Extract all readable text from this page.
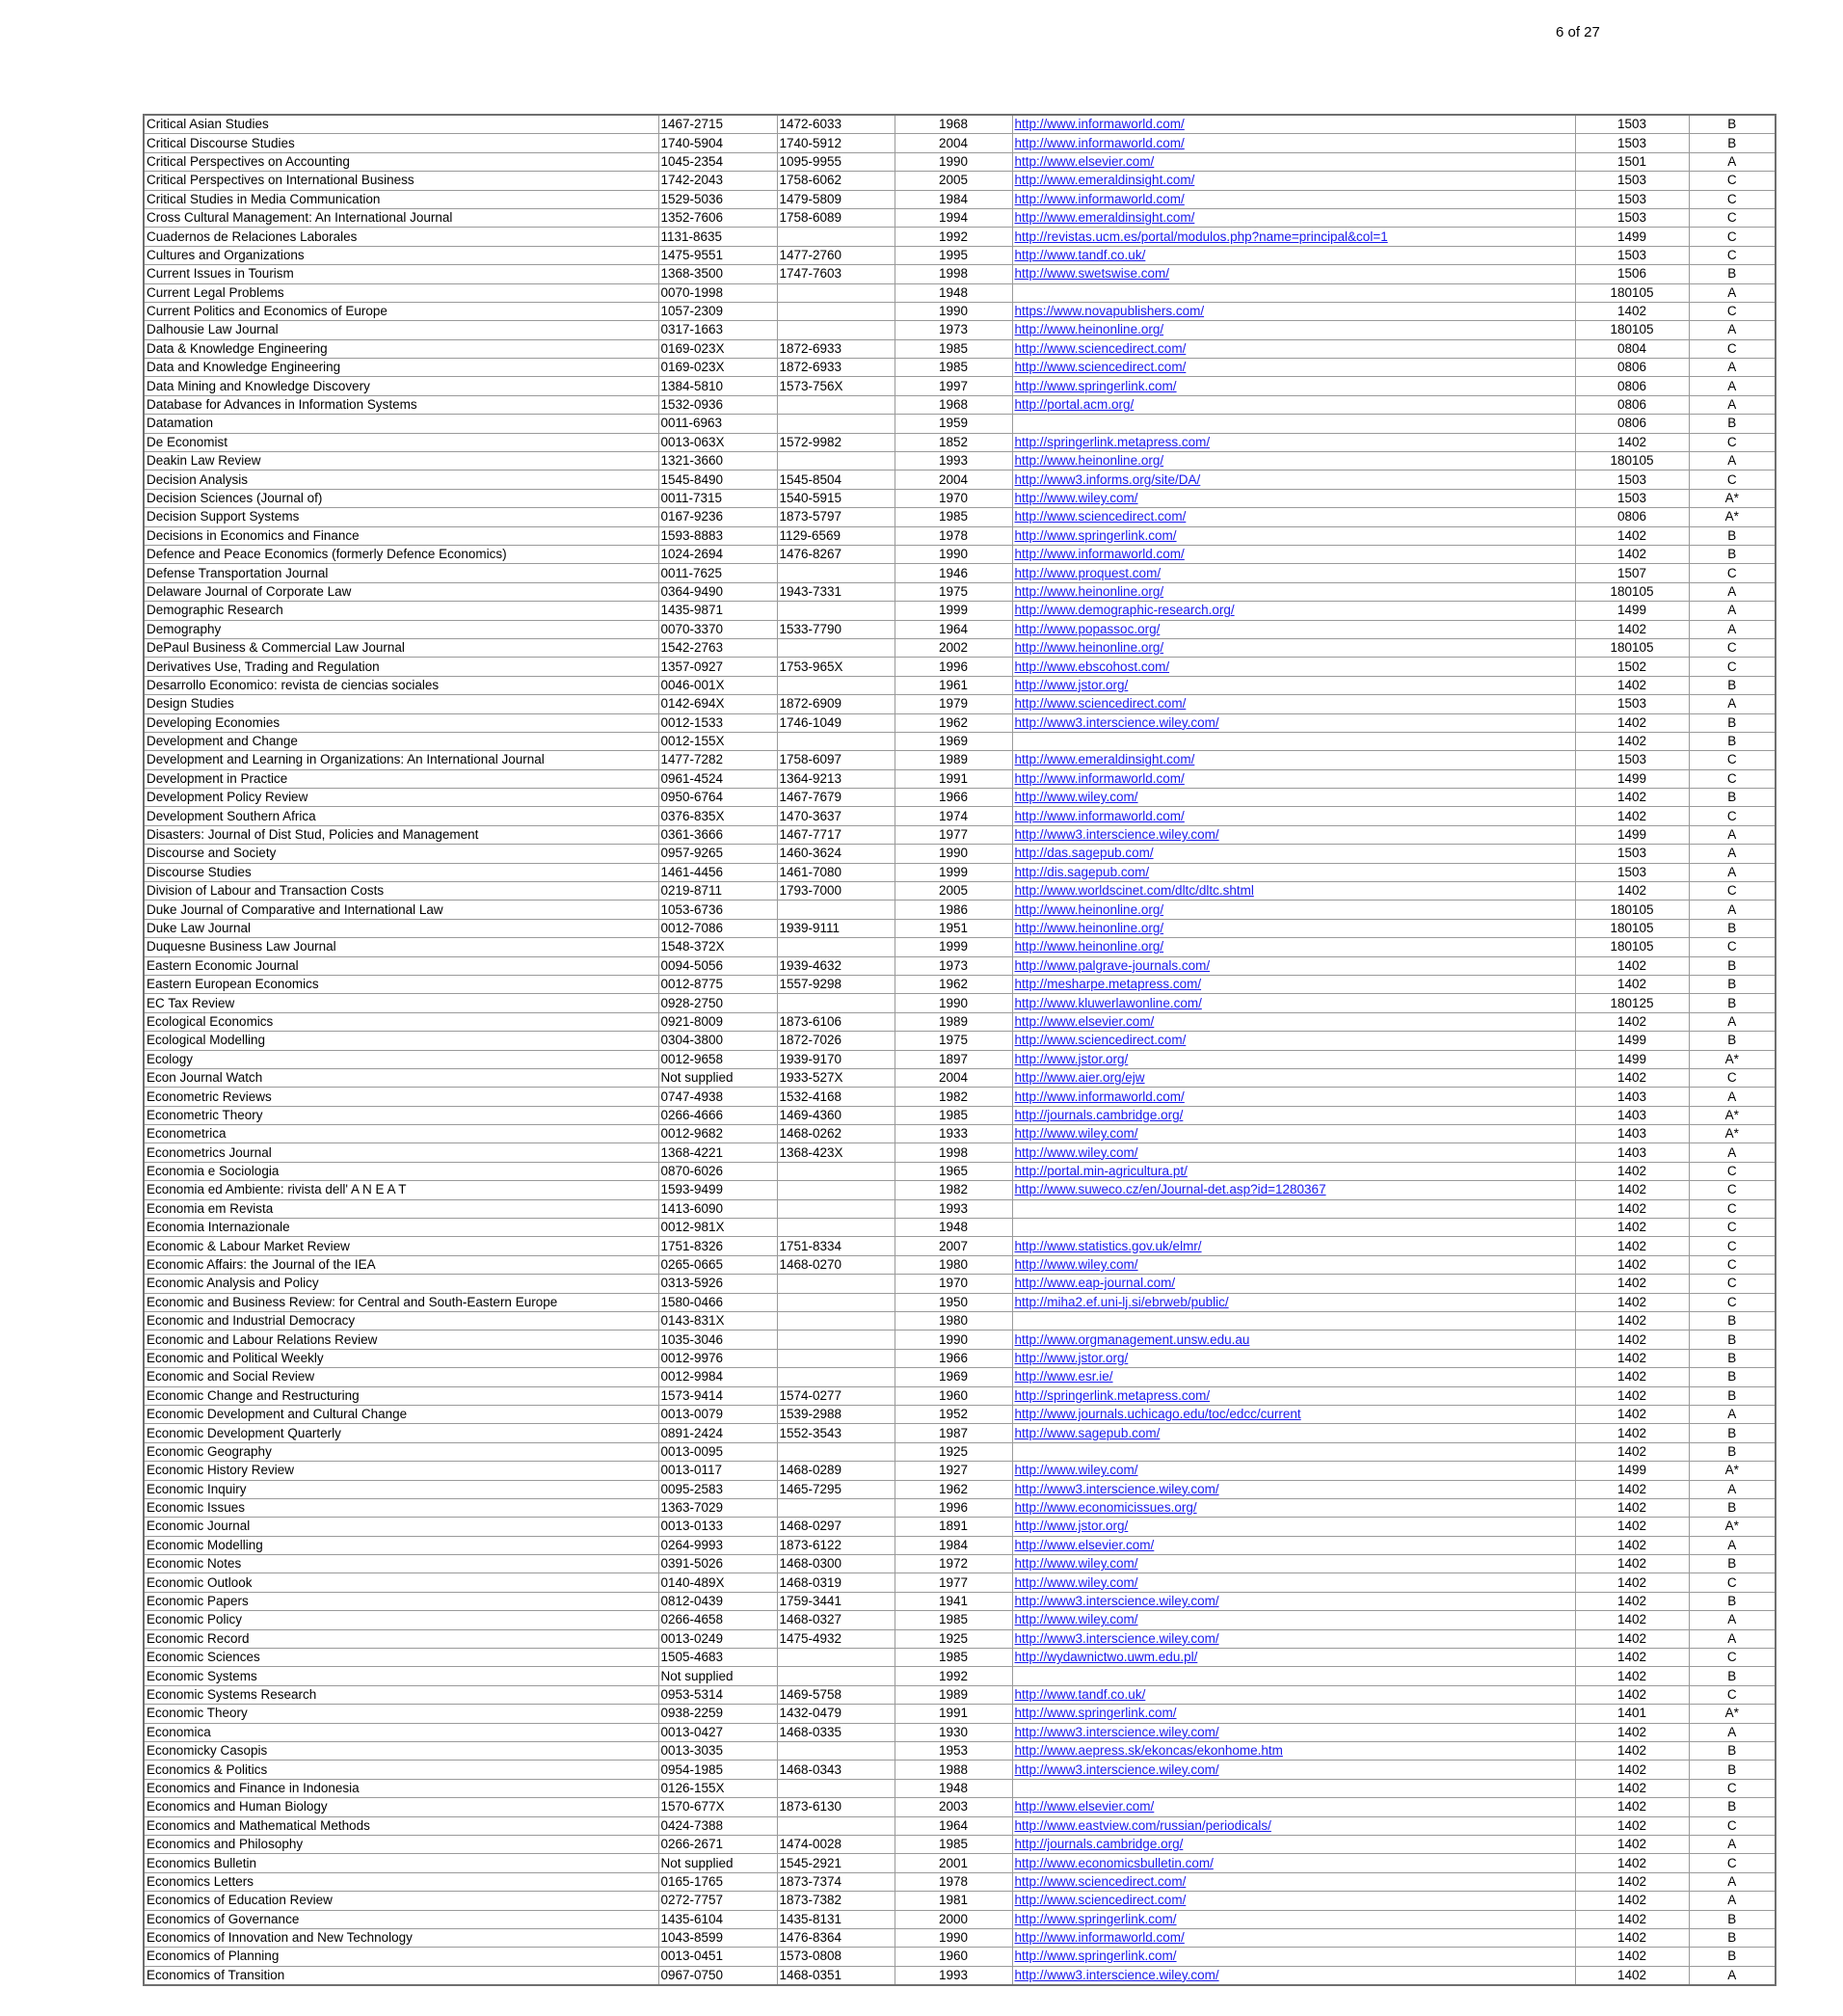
6 of 27
Critical Asian Studies	1467-2715	1472-6033	1968	http://www.informaworld.com/	1503	B
Critical Discourse Studies	1740-5904	1740-5912	2004	http://www.informaworld.com/	1503	B
Critical Perspectives on Accounting	1045-2354	1095-9955	1990	http://www.elsevier.com/	1501	A
Critical Perspectives on International Business	1742-2043	1758-6062	2005	http://www.emeraldinsight.com/	1503	C
Critical Studies in Media Communication	1529-5036	1479-5809	1984	http://www.informaworld.com/	1503	C
Cross Cultural Management: An International Journal	1352-7606	1758-6089	1994	http://www.emeraldinsight.com/	1503	C
Cuadernos de Relaciones Laborales	1131-8635		1992	http://revistas.ucm.es/portal/modulos.php?name=principal&col=1	1499	C
Cultures and Organizations	1475-9551	1477-2760	1995	http://www.tandf.co.uk/	1503	C
Current Issues in Tourism	1368-3500	1747-7603	1998	http://www.swetswise.com/	1506	B
Current Legal Problems	0070-1998		1948		180105	A
Current Politics and Economics of Europe	1057-2309		1990	https://www.novapublishers.com/	1402	C
Dalhousie Law Journal	0317-1663		1973	http://www.heinonline.org/	180105	A
Data & Knowledge Engineering	0169-023X	1872-6933	1985	http://www.sciencedirect.com/	0804	C
Data and Knowledge Engineering	0169-023X	1872-6933	1985	http://www.sciencedirect.com/	0806	A
Data Mining and Knowledge Discovery	1384-5810	1573-756X	1997	http://www.springerlink.com/	0806	A
Database for Advances in Information Systems	1532-0936		1968	http://portal.acm.org/	0806	A
Datamation	0011-6963		1959		0806	B
De Economist	0013-063X	1572-9982	1852	http://springerlink.metapress.com/	1402	C
Deakin Law Review	1321-3660		1993	http://www.heinonline.org/	180105	A
Decision Analysis	1545-8490	1545-8504	2004	http://www3.informs.org/site/DA/	1503	C
Decision Sciences (Journal of)	0011-7315	1540-5915	1970	http://www.wiley.com/	1503	A*
Decision Support Systems	0167-9236	1873-5797	1985	http://www.sciencedirect.com/	0806	A*
Decisions in Economics and Finance	1593-8883	1129-6569	1978	http://www.springerlink.com/	1402	B
Defence and Peace Economics (formerly Defence Economics)	1024-2694	1476-8267	1990	http://www.informaworld.com/	1402	B
Defense Transportation Journal	0011-7625		1946	http://www.proquest.com/	1507	C
Delaware Journal of Corporate Law	0364-9490	1943-7331	1975	http://www.heinonline.org/	180105	A
Demographic Research	1435-9871		1999	http://www.demographic-research.org/	1499	A
Demography	0070-3370	1533-7790	1964	http://www.popassoc.org/	1402	A
DePaul Business & Commercial Law Journal	1542-2763		2002	http://www.heinonline.org/	180105	C
Derivatives Use, Trading and Regulation	1357-0927	1753-965X	1996	http://www.ebscohost.com/	1502	C
Desarrollo Economico: revista de ciencias sociales	0046-001X		1961	http://www.jstor.org/	1402	B
Design Studies	0142-694X	1872-6909	1979	http://www.sciencedirect.com/	1503	A
Developing Economies	0012-1533	1746-1049	1962	http://www3.interscience.wiley.com/	1402	B
Development and Change	0012-155X		1969		1402	B
Development and Learning in Organizations: An International Journal	1477-7282	1758-6097	1989	http://www.emeraldinsight.com/	1503	C
Development in Practice	0961-4524	1364-9213	1991	http://www.informaworld.com/	1499	C
Development Policy Review	0950-6764	1467-7679	1966	http://www.wiley.com/	1402	B
Development Southern Africa	0376-835X	1470-3637	1974	http://www.informaworld.com/	1402	C
Disasters: Journal of Dist Stud, Policies and Management	0361-3666	1467-7717	1977	http://www3.interscience.wiley.com/	1499	A
Discourse and Society	0957-9265	1460-3624	1990	http://das.sagepub.com/	1503	A
Discourse Studies	1461-4456	1461-7080	1999	http://dis.sagepub.com/	1503	A
Division of Labour and Transaction Costs	0219-8711	1793-7000	2005	http://www.worldscinet.com/dltc/dltc.shtml	1402	C
Duke Journal of Comparative and International Law	1053-6736		1986	http://www.heinonline.org/	180105	A
Duke Law Journal	0012-7086	1939-9111	1951	http://www.heinonline.org/	180105	B
Duquesne Business Law Journal	1548-372X		1999	http://www.heinonline.org/	180105	C
Eastern Economic Journal	0094-5056	1939-4632	1973	http://www.palgrave-journals.com/	1402	B
Eastern European Economics	0012-8775	1557-9298	1962	http://mesharpe.metapress.com/	1402	B
EC Tax Review	0928-2750		1990	http://www.kluwerlawonline.com/	180125	B
Ecological Economics	0921-8009	1873-6106	1989	http://www.elsevier.com/	1402	A
Ecological Modelling	0304-3800	1872-7026	1975	http://www.sciencedirect.com/	1499	B
Ecology	0012-9658	1939-9170	1897	http://www.jstor.org/	1499	A*
Econ Journal Watch	Not supplied	1933-527X	2004	http://www.aier.org/ejw	1402	C
Econometric Reviews	0747-4938	1532-4168	1982	http://www.informaworld.com/	1403	A
Econometric Theory	0266-4666	1469-4360	1985	http://journals.cambridge.org/	1403	A*
Econometrica	0012-9682	1468-0262	1933	http://www.wiley.com/	1403	A*
Econometrics Journal	1368-4221	1368-423X	1998	http://www.wiley.com/	1403	A
Economia e Sociologia	0870-6026		1965	http://portal.min-agricultura.pt/	1402	C
Economia ed Ambiente: rivista dell' A N E A T	1593-9499		1982	http://www.suweco.cz/en/Journal-det.asp?id=1280367	1402	C
Economia em Revista	1413-6090		1993		1402	C
Economia Internazionale	0012-981X		1948		1402	C
Economic & Labour Market Review	1751-8326	1751-8334	2007	http://www.statistics.gov.uk/elmr/	1402	C
Economic Affairs: the Journal of the IEA	0265-0665	1468-0270	1980	http://www.wiley.com/	1402	C
Economic Analysis and Policy	0313-5926		1970	http://www.eap-journal.com/	1402	C
Economic and Business Review: for Central and South-Eastern Europe	1580-0466		1950	http://miha2.ef.uni-lj.si/ebrweb/public/	1402	C
Economic and Industrial Democracy	0143-831X		1980		1402	B
Economic and Labour Relations Review	1035-3046		1990	http://www.orgmanagement.unsw.edu.au	1402	B
Economic and Political Weekly	0012-9976		1966	http://www.jstor.org/	1402	B
Economic and Social Review	0012-9984		1969	http://www.esr.ie/	1402	B
Economic Change and Restructuring	1573-9414	1574-0277	1960	http://springerlink.metapress.com/	1402	B
Economic Development and Cultural Change	0013-0079	1539-2988	1952	http://www.journals.uchicago.edu/toc/edcc/current	1402	A
Economic Development Quarterly	0891-2424	1552-3543	1987	http://www.sagepub.com/	1402	B
Economic Geography	0013-0095		1925		1402	B
Economic History Review	0013-0117	1468-0289	1927	http://www.wiley.com/	1499	A*
Economic Inquiry	0095-2583	1465-7295	1962	http://www3.interscience.wiley.com/	1402	A
Economic Issues	1363-7029		1996	http://www.economicissues.org/	1402	B
Economic Journal	0013-0133	1468-0297	1891	http://www.jstor.org/	1402	A*
Economic Modelling	0264-9993	1873-6122	1984	http://www.elsevier.com/	1402	A
Economic Notes	0391-5026	1468-0300	1972	http://www.wiley.com/	1402	B
Economic Outlook	0140-489X	1468-0319	1977	http://www.wiley.com/	1402	C
Economic Papers	0812-0439	1759-3441	1941	http://www3.interscience.wiley.com/	1402	B
Economic Policy	0266-4658	1468-0327	1985	http://www.wiley.com/	1402	A
Economic Record	0013-0249	1475-4932	1925	http://www3.interscience.wiley.com/	1402	A
Economic Sciences	1505-4683		1985	http://wydawnictwo.uwm.edu.pl/	1402	C
Economic Systems	Not supplied		1992		1402	B
Economic Systems Research	0953-5314	1469-5758	1989	http://www.tandf.co.uk/	1402	C
Economic Theory	0938-2259	1432-0479	1991	http://www.springerlink.com/	1401	A*
Economica	0013-0427	1468-0335	1930	http://www3.interscience.wiley.com/	1402	A
Economicky Casopis	0013-3035		1953	http://www.aepress.sk/ekoncas/ekonhome.htm	1402	B
Economics & Politics	0954-1985	1468-0343	1988	http://www3.interscience.wiley.com/	1402	B
Economics and Finance in Indonesia	0126-155X		1948		1402	C
Economics and Human Biology	1570-677X	1873-6130	2003	http://www.elsevier.com/	1402	B
Economics and Mathematical Methods	0424-7388		1964	http://www.eastview.com/russian/periodicals/	1402	C
Economics and Philosophy	0266-2671	1474-0028	1985	http://journals.cambridge.org/	1402	A
Economics Bulletin	Not supplied	1545-2921	2001	http://www.economicsbulletin.com/	1402	C
Economics Letters	0165-1765	1873-7374	1978	http://www.sciencedirect.com/	1402	A
Economics of Education Review	0272-7757	1873-7382	1981	http://www.sciencedirect.com/	1402	A
Economics of Governance	1435-6104	1435-8131	2000	http://www.springerlink.com/	1402	B
Economics of Innovation and New Technology	1043-8599	1476-8364	1990	http://www.informaworld.com/	1402	B
Economics of Planning	0013-0451	1573-0808	1960	http://www.springerlink.com/	1402	B
Economics of Transition	0967-0750	1468-0351	1993	http://www3.interscience.wiley.com/	1402	A
